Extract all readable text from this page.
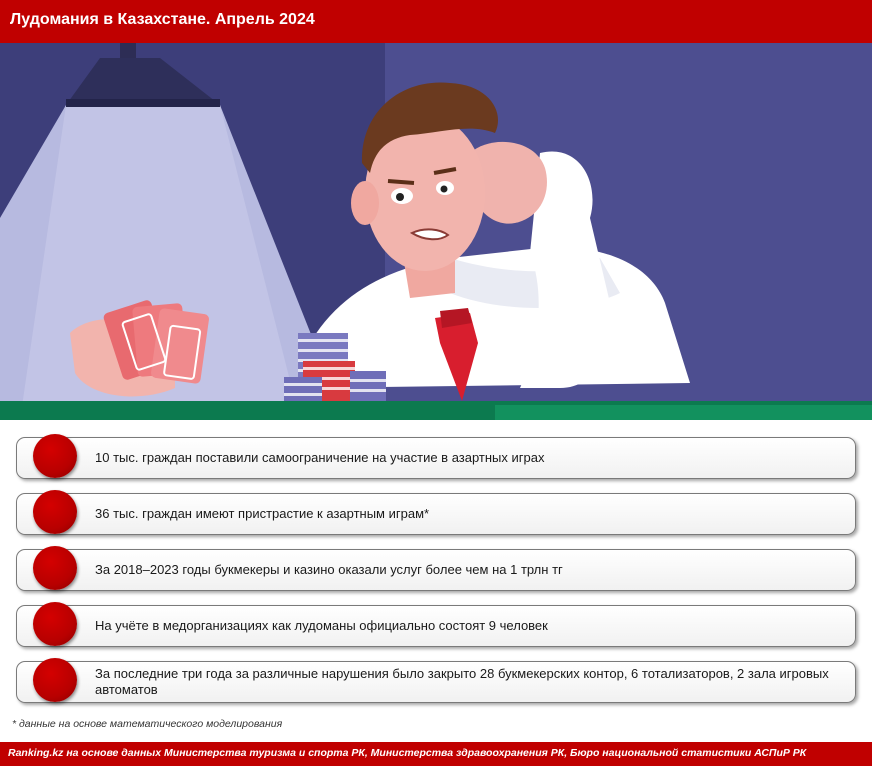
Лудомания в Казахстане. Апрель 2024
10 тыс. граждан поставили самоограничение на участие в азартных играх
36 тыс. граждан имеют пристрастие к азартным играм*
За 2018–2023 годы букмекеры и казино оказали услуг более чем на 1 трлн тг
На учёте в медорганизациях как лудоманы официально состоят 9 человек
За последние три года за различные нарушения было закрыто 28 букмекерских контор, 6 тотализаторов, 2 зала игровых автоматов
* данные на основе математического моделирования
Ranking.kz на основе данных Министерства туризма и спорта РК, Министерства здравоохранения РК, Бюро национальной статистики АСПиР РК
